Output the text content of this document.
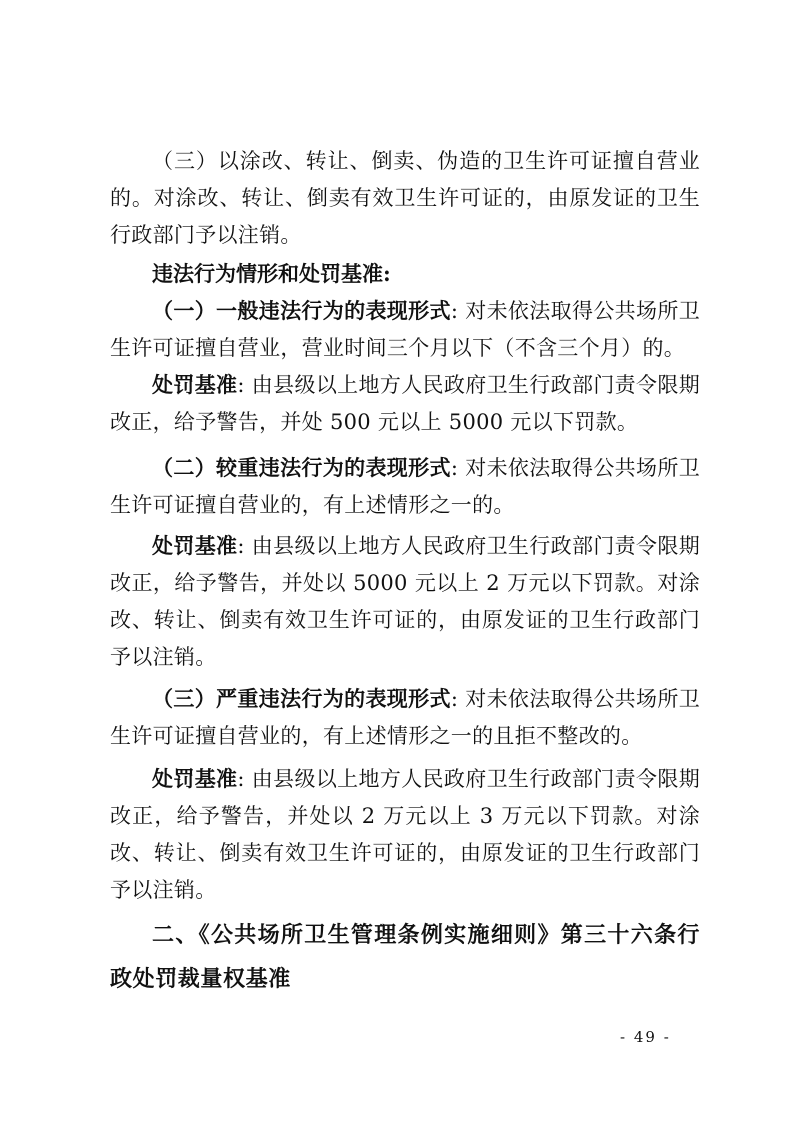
（三）以涂改、转让、倒卖、伪造的卫生许可证擅自营业的。对涂改、转让、倒卖有效卫生许可证的，由原发证的卫生行政部门予以注销。

违法行为情形和处罚基准:

（一）一般违法行为的表现形式: 对未依法取得公共场所卫生许可证擅自营业，营业时间三个月以下（不含三个月）的。

处罚基准: 由县级以上地方人民政府卫生行政部门责令限期改正，给予警告，并处 500 元以上 5000 元以下罚款。

（二）较重违法行为的表现形式: 对未依法取得公共场所卫生许可证擅自营业的，有上述情形之一的。

处罚基准: 由县级以上地方人民政府卫生行政部门责令限期改正，给予警告，并处以 5000 元以上 2 万元以下罚款。对涂改、转让、倒卖有效卫生许可证的，由原发证的卫生行政部门予以注销。

（三）严重违法行为的表现形式: 对未依法取得公共场所卫生许可证擅自营业的，有上述情形之一的且拒不整改的。

处罚基准: 由县级以上地方人民政府卫生行政部门责令限期改正，给予警告，并处以 2 万元以上 3 万元以下罚款。对涂改、转让、倒卖有效卫生许可证的，由原发证的卫生行政部门予以注销。

二、《公共场所卫生管理条例实施细则》第三十六条行政处罚裁量权基准

- 49 -
